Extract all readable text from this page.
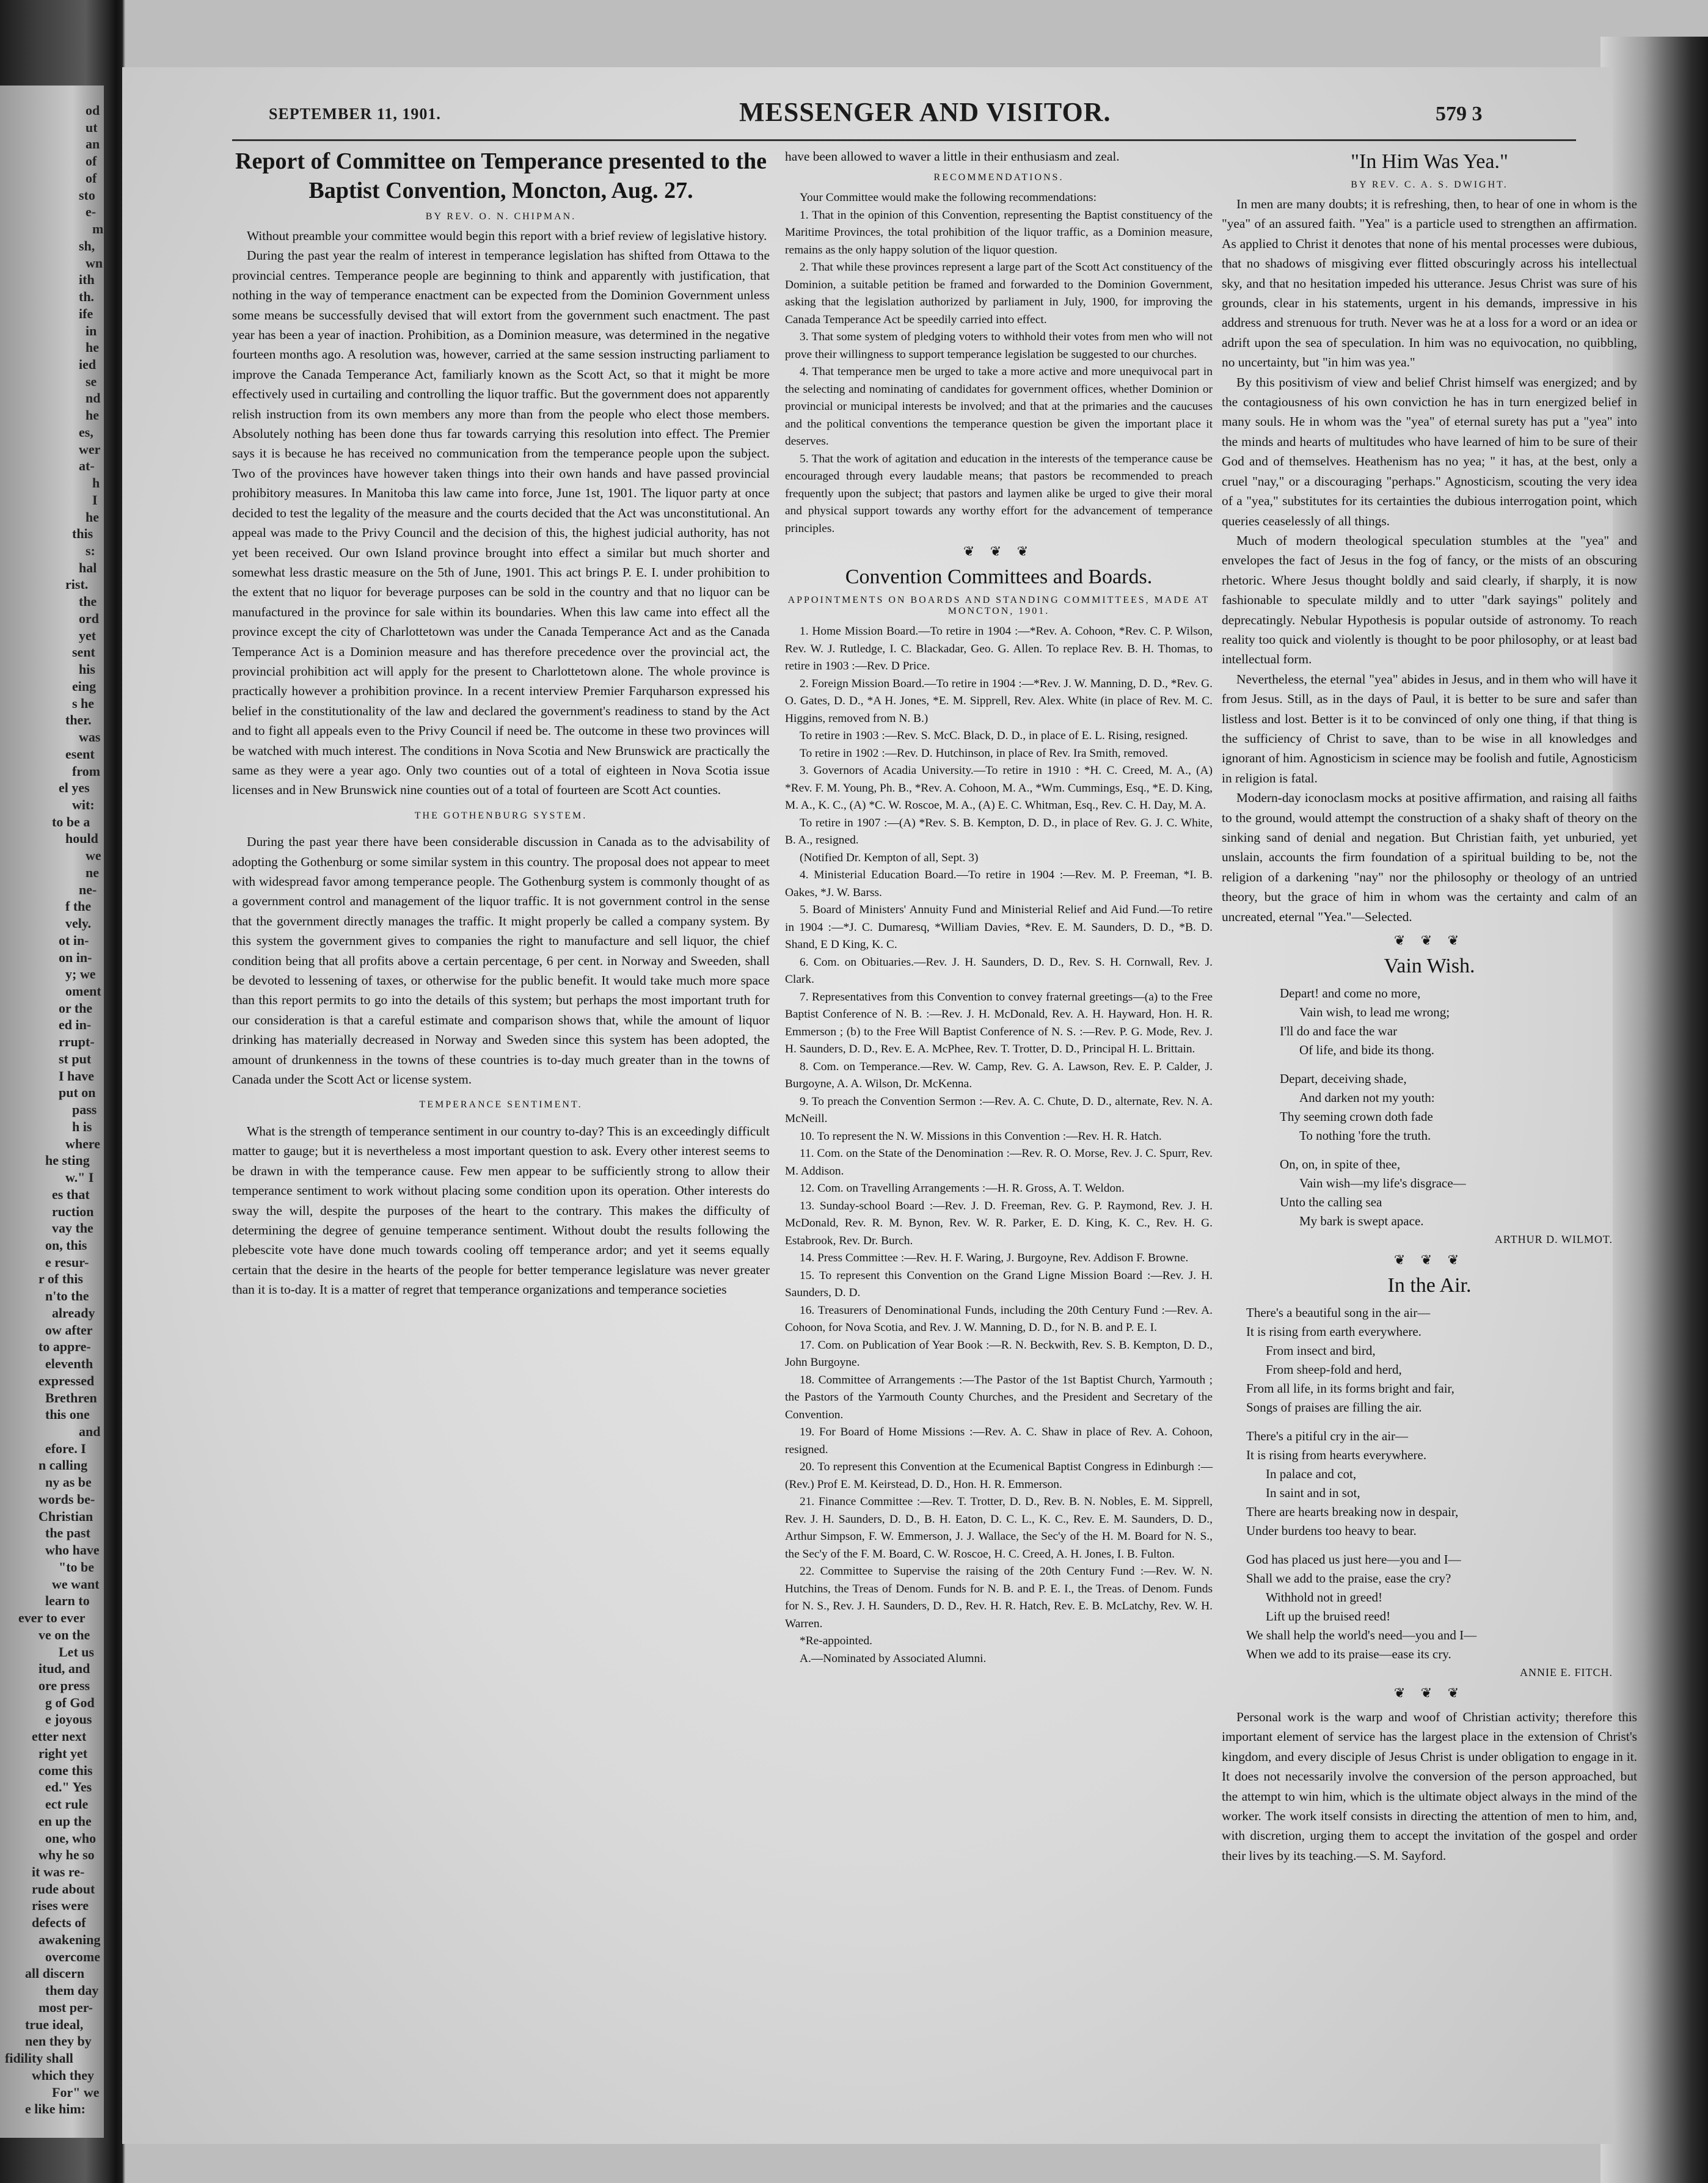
od
ut
an
of
of
sto
e-
m
sh,
wn
ith
th.
ife
in
he
ied
se
nd
he
es,
wer
at-
h
I
he
this
s:
hal
rist.
the
ord
yet
sent
his
eing
s he
ther.
was
esent
from
el yes
wit:
to be a
hould
we
ne
ne-
f the
vely.
ot in-
on in-
y; we
oment
or the
ed in-
rrupt-
st put
I have
put on
pass
h is
where
he sting
w." I
es that
ruction
vay the
on, this
e resur-
r of this
n'to the
already
ow after
to appre-
eleventh
expressed
Brethren
this one
and
efore. I
n calling
ny as be
words be-
Christian
the past
who have
"to be
we want
learn to
ever to ever
ve on the
Let us
itud, and
ore press
g of God
e joyous
etter next
right yet
come this
ed." Yes
ect rule
en up the
one, who
why he so
it was re-
rude about
rises were
defects of
awakening
overcome
all discern
them day
most per-
true ideal,
nen they by
fidility shall
which they
For" we
e like him:
SEPTEMBER 11, 1901.	MESSENGER AND VISITOR.	579 3
Report of Committee on Temperance presented to the Baptist Convention, Moncton, Aug. 27.
BY REV. O. N. CHIPMAN.

Without preamble your committee would begin this report with a brief review of legislative history.

During the past year the realm of interest in temperance legislation has shifted from Ottawa to the provincial centres. Temperance people are beginning to think and apparently with justification, that nothing in the way of temperance enactment can be expected from the Dominion Government unless some means be successfully devised that will extort from the government such enactment. The past year has been a year of inaction. Prohibition, as a Dominion measure, was determined in the negative fourteen months ago. A resolution was, however, carried at the same session instructing parliament to improve the Canada Temperance Act, familiarly known as the Scott Act, so that it might be more effectively used in curtailing and controlling the liquor traffic. But the government does not apparently relish instruction from its own members any more than from the people who elect those members. Absolutely nothing has been done thus far towards carrying this resolution into effect. The Premier says it is because he has received no communication from the temperance people upon the subject. Two of the provinces have however taken things into their own hands and have passed provincial prohibitory measures. In Manitoba this law came into force, June 1st, 1901. The liquor party at once decided to test the legality of the measure and the courts decided that the Act was unconstitutional. An appeal was made to the Privy Council and the decision of this, the highest judicial authority, has not yet been received. Our own Island province brought into effect a similar but much shorter and somewhat less drastic measure on the 5th of June, 1901. This act brings P. E. I. under prohibition to the extent that no liquor for beverage purposes can be sold in the country and that no liquor can be manufactured in the province for sale within its boundaries. When this law came into effect all the province except the city of Charlottetown was under the Canada Temperance Act and as the Canada Temperance Act is a Dominion measure and has therefore precedence over the provincial act, the provincial prohibition act will apply for the present to Charlottetown alone. The whole province is practically however a prohibition province. In a recent interview Premier Farquharson expressed his belief in the constitutionality of the law and declared the government's readiness to stand by the Act and to fight all appeals even to the Privy Council if need be. The outcome in these two provinces will be watched with much interest. The conditions in Nova Scotia and New Brunswick are practically the same as they were a year ago. Only two counties out of a total of eighteen in Nova Scotia issue licenses and in New Brunswick nine counties out of a total of fourteen are Scott Act counties.

THE GOTHENBURG SYSTEM.

During the past year there have been considerable discussion in Canada as to the advisability of adopting the Gothenburg or some similar system in this country. The proposal does not appear to meet with widespread favor among temperance people. The Gothenburg system is commonly thought of as a government control and management of the liquor traffic. It is not government control in the sense that the government directly manages the traffic. It might properly be called a company system. By this system the government gives to companies the right to manufacture and sell liquor, the chief condition being that all profits above a certain percentage, 6 per cent. in Norway and Sweeden, shall be devoted to lessening of taxes, or otherwise for the public benefit. It would take much more space than this report permits to go into the details of this system; but perhaps the most important truth for our consideration is that a careful estimate and comparison shows that, while the amount of liquor drinking has materially decreased in Norway and Sweden since this system has been adopted, the amount of drunkenness in the towns of these countries is to-day much greater than in the towns of Canada under the Scott Act or license system.

TEMPERANCE SENTIMENT.

What is the strength of temperance sentiment in our country to-day? This is an exceedingly difficult matter to gauge; but it is nevertheless a most important question to ask. Every other interest seems to be drawn in with the temperance cause. Few men appear to be sufficiently strong to allow their temperance sentiment to work without placing some condition upon its operation. Other interests do sway the will, despite the purposes of the heart to the contrary. This makes the difficulty of determining the degree of genuine temperance sentiment. Without doubt the results following the plebescite vote have done much towards cooling off temperance ardor; and yet it seems equally certain that the desire in the hearts of the people for better temperance legislature was never greater than it is to-day. It is a matter of regret that temperance organizations and temperance societies

have been allowed to waver a little in their enthusiasm and zeal.
RECOMMENDATIONS.

Your Committee would make the following recommendations:

1. That in the opinion of this Convention, representing the Baptist constituency of the Maritime Provinces, the total prohibition of the liquor traffic, as a Dominion measure, remains as the only happy solution of the liquor question.

2. That while these provinces represent a large part of the Scott Act constituency of the Dominion, a suitable petition be framed and forwarded to the Dominion Government, asking that the legislation authorized by parliament in July, 1900, for improving the Canada Temperance Act be speedily carried into effect.

3. That some system of pledging voters to withhold their votes from men who will not prove their willingness to support temperance legislation be suggested to our churches.

4. That temperance men be urged to take a more active and more unequivocal part in the selecting and nominating of candidates for government offices, whether Dominion or provincial or municipal interests be involved; and that at the primaries and the caucuses and the political conventions the temperance question be given the important place it deserves.

5. That the work of agitation and education in the interests of the temperance cause be encouraged through every laudable means; that pastors be recommended to preach frequently upon the subject; that pastors and laymen alike be urged to give their moral and physical support towards any worthy effort for the advancement of temperance principles.

❦ ❦ ❦
Convention Committees and Boards.
APPOINTMENTS ON BOARDS AND STANDING COMMITTEES, MADE AT MONCTON, 1901.

1. Home Mission Board.—To retire in 1904 :—*Rev. A. Cohoon, *Rev. C. P. Wilson, Rev. W. J. Rutledge, I. C. Blackadar, Geo. G. Allen. To replace Rev. B. H. Thomas, to retire in 1903 :—Rev. D Price.

2. Foreign Mission Board.—To retire in 1904 :—*Rev. J. W. Manning, D. D., *Rev. G. O. Gates, D. D., *A H. Jones, *E. M. Sipprell, Rev. Alex. White (in place of Rev. M. C. Higgins, removed from N. B.)

To retire in 1903 :—Rev. S. McC. Black, D. D., in place of E. L. Rising, resigned.

To retire in 1902 :—Rev. D. Hutchinson, in place of Rev. Ira Smith, removed.

3. Governors of Acadia University.—To retire in 1910 : *H. C. Creed, M. A., (A) *Rev. F. M. Young, Ph. B., *Rev. A. Cohoon, M. A., *Wm. Cummings, Esq., *E. D. King, M. A., K. C., (A) *C. W. Roscoe, M. A., (A) E. C. Whitman, Esq., Rev. C. H. Day, M. A.

To retire in 1907 :—(A) *Rev. S. B. Kempton, D. D., in place of Rev. G. J. C. White, B. A., resigned.

(Notified Dr. Kempton of all, Sept. 3)

4. Ministerial Education Board.—To retire in 1904 :—Rev. M. P. Freeman, *I. B. Oakes, *J. W. Barss.

5. Board of Ministers' Annuity Fund and Ministerial Relief and Aid Fund.—To retire in 1904 :—*J. C. Dumaresq, *William Davies, *Rev. E. M. Saunders, D. D., *B. D. Shand, E D King, K. C.

6. Com. on Obituaries.—Rev. J. H. Saunders, D. D., Rev. S. H. Cornwall, Rev. J. Clark.

7. Representatives from this Convention to convey fraternal greetings—(a) to the Free Baptist Conference of N. B. :—Rev. J. H. McDonald, Rev. A. H. Hayward, Hon. H. R. Emmerson ; (b) to the Free Will Baptist Conference of N. S. :—Rev. P. G. Mode, Rev. J. H. Saunders, D. D., Rev. E. A. McPhee, Rev. T. Trotter, D. D., Principal H. L. Brittain.

8. Com. on Temperance.—Rev. W. Camp, Rev. G. A. Lawson, Rev. E. P. Calder, J. Burgoyne, A. A. Wilson, Dr. McKenna.

9. To preach the Convention Sermon :—Rev. A. C. Chute, D. D., alternate, Rev. N. A. McNeill.

10. To represent the N. W. Missions in this Convention :—Rev. H. R. Hatch.

11. Com. on the State of the Denomination :—Rev. R. O. Morse, Rev. J. C. Spurr, Rev. M. Addison.

12. Com. on Travelling Arrangements :—H. R. Gross, A. T. Weldon.

13. Sunday-school Board :—Rev. J. D. Freeman, Rev. G. P. Raymond, Rev. J. H. McDonald, Rev. R. M. Bynon, Rev. W. R. Parker, E. D. King, K. C., Rev. H. G. Estabrook, Rev. Dr. Burch.

14. Press Committee :—Rev. H. F. Waring, J. Burgoyne, Rev. Addison F. Browne.

15. To represent this Convention on the Grand Ligne Mission Board :—Rev. J. H. Saunders, D. D.

16. Treasurers of Denominational Funds, including the 20th Century Fund :—Rev. A. Cohoon, for Nova Scotia, and Rev. J. W. Manning, D. D., for N. B. and P. E. I.

17. Com. on Publication of Year Book :—R. N. Beckwith, Rev. S. B. Kempton, D. D., John Burgoyne.

18. Committee of Arrangements :—The Pastor of the 1st Baptist Church, Yarmouth ; the Pastors of the Yarmouth County Churches, and the President and Secretary of the Convention.

19. For Board of Home Missions :—Rev. A. C. Shaw in place of Rev. A. Cohoon, resigned.

20. To represent this Convention at the Ecumenical Baptist Congress in Edinburgh :—(Rev.) Prof E. M. Keirstead, D. D., Hon. H. R. Emmerson.

21. Finance Committee :—Rev. T. Trotter, D. D., Rev. B. N. Nobles, E. M. Sipprell, Rev. J. H. Saunders, D. D., B. H. Eaton, D. C. L., K. C., Rev. E. M. Saunders, D. D., Arthur Simpson, F. W. Emmerson, J. J. Wallace, the Sec'y of the H. M. Board for N. S., the Sec'y of the F. M. Board, C. W. Roscoe, H. C. Creed, A. H. Jones, I. B. Fulton.

22. Committee to Supervise the raising of the 20th Century Fund :—Rev. W. N. Hutchins, the Treas of Denom. Funds for N. B. and P. E. I., the Treas. of Denom. Funds for N. S., Rev. J. H. Saunders, D. D., Rev. H. R. Hatch, Rev. E. B. McLatchy, Rev. W. H. Warren.

*Re-appointed.

A.—Nominated by Associated Alumni.

"In Him Was Yea."
BY REV. C. A. S. DWIGHT.

In men are many doubts; it is refreshing, then, to hear of one in whom is the "yea" of an assured faith. "Yea" is a particle used to strengthen an affirmation. As applied to Christ it denotes that none of his mental processes were dubious, that no shadows of misgiving ever flitted obscuringly across his intellectual sky, and that no hesitation impeded his utterance. Jesus Christ was sure of his grounds, clear in his statements, urgent in his demands, impressive in his address and strenuous for truth. Never was he at a loss for a word or an idea or adrift upon the sea of speculation. In him was no equivocation, no quibbling, no uncertainty, but "in him was yea."

By this positivism of view and belief Christ himself was energized; and by the contagiousness of his own conviction he has in turn energized belief in many souls. He in whom was the "yea" of eternal surety has put a "yea" into the minds and hearts of multitudes who have learned of him to be sure of their God and of themselves. Heathenism has no yea; " it has, at the best, only a cruel "nay," or a discouraging "perhaps." Agnosticism, scouting the very idea of a "yea," substitutes for its certainties the dubious interrogation point, which queries ceaselessly of all things.

Much of modern theological speculation stumbles at the "yea" and envelopes the fact of Jesus in the fog of fancy, or the mists of an obscuring rhetoric. Where Jesus thought boldly and said clearly, if sharply, it is now fashionable to speculate mildly and to utter "dark sayings" politely and deprecatingly. Nebular Hypothesis is popular outside of astronomy. To reach reality too quick and violently is thought to be poor philosophy, or at least bad intellectual form.

Nevertheless, the eternal "yea" abides in Jesus, and in them who will have it from Jesus. Still, as in the days of Paul, it is better to be sure and safer than listless and lost. Better is it to be convinced of only one thing, if that thing is the sufficiency of Christ to save, than to be wise in all knowledges and ignorant of him. Agnosticism in science may be foolish and futile, Agnosticism in religion is fatal.

Modern-day iconoclasm mocks at positive affirmation, and raising all faiths to the ground, would attempt the construction of a shaky shaft of theory on the sinking sand of denial and negation. But Christian faith, yet unburied, yet unslain, accounts the firm foundation of a spiritual building to be, not the religion of a darkening "nay" nor the philosophy or theology of an untried theory, but the grace of him in whom was the certainty and calm of an uncreated, eternal "Yea."—Selected.

❦ ❦ ❦
Vain Wish.
Depart! and come no more,
Vain wish, to lead me wrong;
I'll do and face the war
Of life, and bide its thong.
Depart, deceiving shade,
And darken not my youth:
Thy seeming crown doth fade
To nothing 'fore the truth.
On, on, in spite of thee,
Vain wish—my life's disgrace—
Unto the calling sea
My bark is swept apace.
ARTHUR D. WILMOT.
❦ ❦ ❦
In the Air.
There's a beautiful song in the air—
It is rising from earth everywhere.
From insect and bird,
From sheep-fold and herd,
From all life, in its forms bright and fair,
Songs of praises are filling the air.
There's a pitiful cry in the air—
It is rising from hearts everywhere.
In palace and cot,
In saint and in sot,
There are hearts breaking now in despair,
Under burdens too heavy to bear.
God has placed us just here—you and I—
Shall we add to the praise, ease the cry?
Withhold not in greed!
Lift up the bruised reed!
We shall help the world's need—you and I—
When we add to its praise—ease its cry.
ANNIE E. FITCH.
❦ ❦ ❦

Personal work is the warp and woof of Christian activity; therefore this important element of service has the largest place in the extension of Christ's kingdom, and every disciple of Jesus Christ is under obligation to engage in it. It does not necessarily involve the conversion of the person approached, but the attempt to win him, which is the ultimate object always in the mind of the worker. The work itself consists in directing the attention of men to him, and, with discretion, urging them to accept the invitation of the gospel and order their lives by its teaching.—S. M. Sayford.
